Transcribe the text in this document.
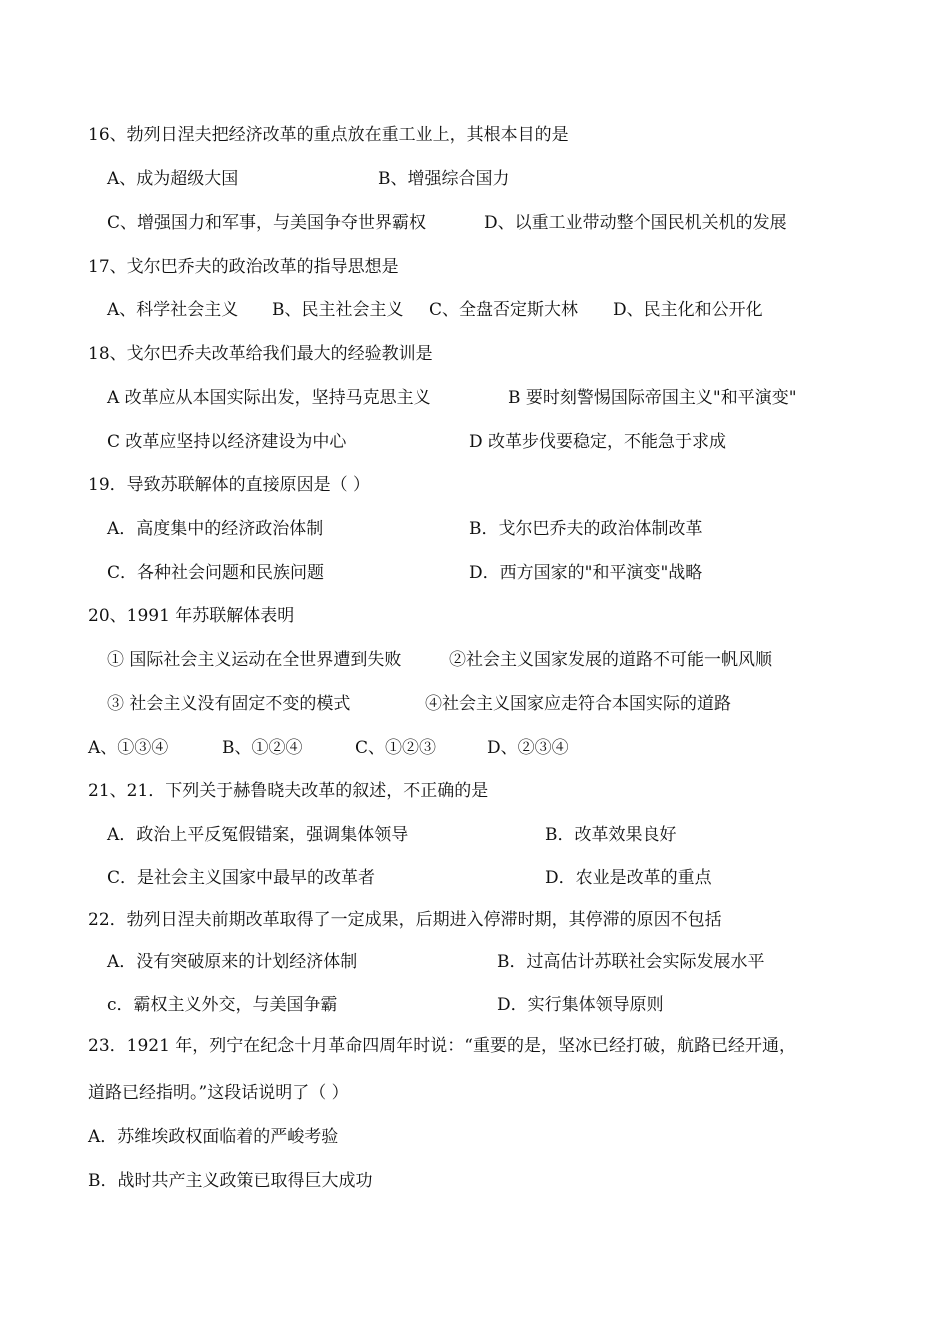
16、勃列日涅夫把经济改革的重点放在重工业上，其根本目的是
A、成为超级大国	B、增强综合国力
C、增强国力和军事，与美国争夺世界霸权	D、以重工业带动整个国民机关机的发展
17、戈尔巴乔夫的政治改革的指导思想是
A、科学社会主义 B、民主社会主义 C、全盘否定斯大林 D、民主化和公开化
18、戈尔巴乔夫改革给我们最大的经验教训是
A 改革应从本国实际出发，坚持马克思主义	B 要时刻警惕国际帝国主义"和平演变"
C 改革应坚持以经济建设为中心	D 改革步伐要稳定，不能急于求成
19．导致苏联解体的直接原因是（ ）
A．高度集中的经济政治体制	B．戈尔巴乔夫的政治体制改革
C．各种社会问题和民族问题	D．西方国家的"和平演变"战略
20、1991 年苏联解体表明
① 国际社会主义运动在全世界遭到失败	②社会主义国家发展的道路不可能一帆风顺
③ 社会主义没有固定不变的模式	④社会主义国家应走符合本国实际的道路
A、①③④	B、①②④	C、①②③	D、②③④
21、21．下列关于赫鲁晓夫改革的叙述，不正确的是
A．政治上平反冤假错案，强调集体领导	B．改革效果良好
C．是社会主义国家中最早的改革者	D．农业是改革的重点
22．勃列日涅夫前期改革取得了一定成果，后期进入停滞时期，其停滞的原因不包括
A．没有突破原来的计划经济体制	B．过高估计苏联社会实际发展水平
c．霸权主义外交，与美国争霸	D．实行集体领导原则
23．1921 年，列宁在纪念十月革命四周年时说：“重要的是，坚冰已经打破，航路已经开通，
道路已经指明。”这段话说明了（ ）
A．苏维埃政权面临着的严峻考验
B．战时共产主义政策已取得巨大成功
